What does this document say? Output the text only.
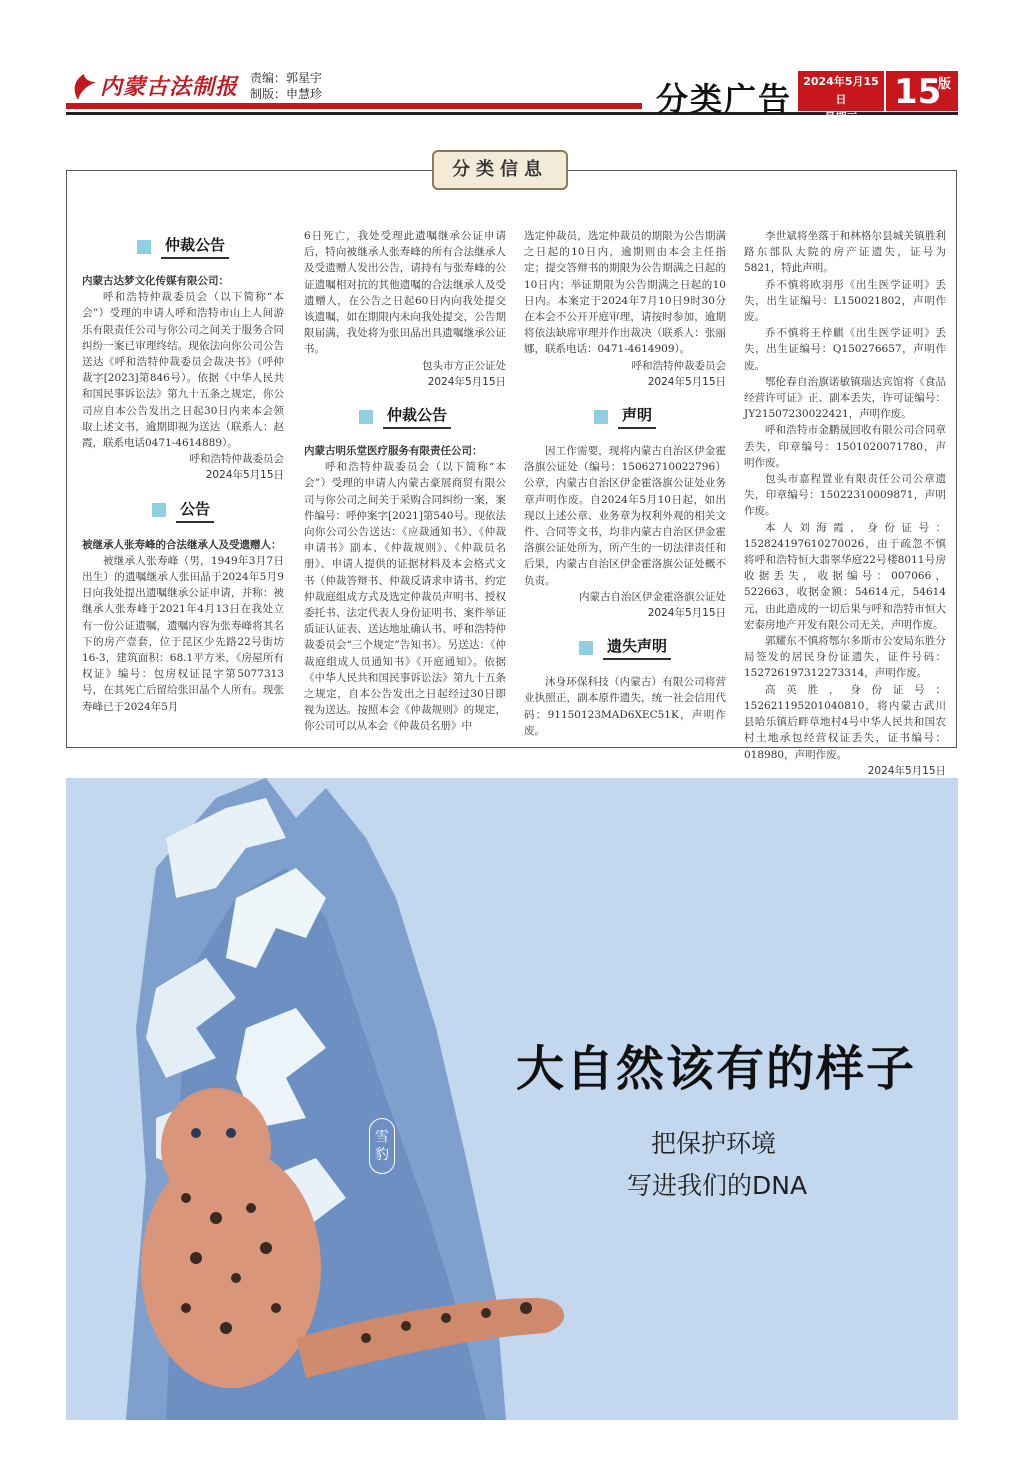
内蒙古法制报 责编：郭星宇
制版：申慧珍	分类广告	2024年5月15日
星期三
15
版
分类信息
仲裁公告

内蒙古达梦文化传媒有限公司：

呼和浩特仲裁委员会（以下简称“本会”）受理的申请人呼和浩特市山上人间游乐有限责任公司与你公司之间关于服务合同纠纷一案已审理终结。现依法向你公司公告送达《呼和浩特仲裁委员会裁决书》（呼仲裁字[2023]第846号）。依据《中华人民共和国民事诉讼法》第九十五条之规定，你公司应自本公告发出之日起30日内来本会领取上述文书，逾期即视为送达（联系人：赵霞，联系电话0471-4614889）。

呼和浩特仲裁委员会

2024年5月15日

公告

被继承人张寿峰的合法继承人及受遗赠人：

被继承人张寿峰（男，1949年3月7日出生）的遗嘱继承人张田晶于2024年5月9日向我处提出遗嘱继承公证申请，并称：被继承人张寿峰于2021年4月13日在我处立有一份公证遗嘱，遗嘱内容为张寿峰将其名下的房产壹套，位于昆区少先路22号街坊16-3，建筑面积：68.1平方米，《房屋所有权证》编号：包房权证昆字第5077313号，在其死亡后留给张田晶个人所有。现张寿峰已于2024年5月

6日死亡，我处受理此遗嘱继承公证申请后，特向被继承人张寿峰的所有合法继承人及受遗赠人发出公告，请持有与张寿峰的公证遗嘱相对抗的其他遗嘱的合法继承人及受遗赠人，在公告之日起60日内向我处提交该遗嘱，如在期限内未向我处提交，公告期限届满，我处将为张田晶出具遗嘱继承公证书。

包头市方正公证处

2024年5月15日

仲裁公告

内蒙古明乐堂医疗服务有限责任公司：

呼和浩特仲裁委员会（以下简称“本会”）受理的申请人内蒙古豪展商贸有限公司与你公司之间关于采购合同纠纷一案，案件编号：呼仲案字[2021]第540号。现依法向你公司公告送达：《应裁通知书》、《仲裁申请书》副本、《仲裁规则》、《仲裁员名册》、申请人提供的证据材料及本会格式文书（仲裁答辩书、仲裁反请求申请书、约定仲裁庭组成方式及选定仲裁员声明书、授权委托书、法定代表人身份证明书、案件举证质证认证表、送达地址确认书、呼和浩特仲裁委员会“三个规定”告知书）。另送达：《仲裁庭组成人员通知书》《开庭通知》。依据《中华人民共和国民事诉讼法》第九十五条之规定，自本公告发出之日起经过30日即视为送达。按照本会《仲裁规则》的规定，你公司可以从本会《仲裁员名册》中

选定仲裁员，选定仲裁员的期限为公告期满之日起的10日内，逾期则由本会主任指定；提交答辩书的期限为公告期满之日起的10日内；举证期限为公告期满之日起的10日内。本案定于2024年7月10日9时30分在本会不公开开庭审理，请按时参加，逾期将依法缺席审理并作出裁决（联系人：张丽娜，联系电话：0471-4614909）。

呼和浩特仲裁委员会

2024年5月15日

声明

因工作需要，现将内蒙古自治区伊金霍洛旗公证处（编号：15062710022796）公章，内蒙古自治区伊金霍洛旗公证处业务章声明作废。自2024年5月10日起，如出现以上述公章、业务章为权利外观的相关文件、合同等文书，均非内蒙古自治区伊金霍洛旗公证处所为，所产生的一切法律责任和后果，内蒙古自治区伊金霍洛旗公证处概不负责。

内蒙古自治区伊金霍洛旗公证处

2024年5月15日

遗失声明

沐身环保科技（内蒙古）有限公司将营业执照正，副本原件遗失，统一社会信用代码：91150123MAD6XEC51K，声明作废。

李世斌将坐落于和林格尔县城关镇胜利路东部队大院的房产证遗失，证号为5821，特此声明。

乔不慎将欧羽彤《出生医学证明》丢失，出生证编号：L150021802，声明作废。

乔不慎将王梓麒《出生医学证明》丢失，出生证编号：Q150276657，声明作废。

鄂伦春自治旗诺敏镇瑞达宾馆将《食品经营许可证》正、副本丢失，许可证编号：JY21507230022421，声明作废。

呼和浩特市金鹏晟回收有限公司合同章丢失，印章编号：1501020071780，声明作废。

包头市嘉程置业有限责任公司公章遗失，印章编号：15022310009871，声明作废。

本人刘海霞，身份证号：152824197610270026，由于疏忽不慎将呼和浩特恒大翡翠华庭22号楼8011号房收据丢失，收据编号：007066，522663，收据金额：54614元，54614元，由此造成的一切后果与呼和浩特市恒大宏泰房地产开发有限公司无关，声明作废。

郭耀东不慎将鄂尔多斯市公安局东胜分局签发的居民身份证遗失，证件号码：152726197312273314，声明作废。

高英胜，身份证号：152621195201040810，将内蒙古武川县哈乐镇后畔草地村4号中华人民共和国农村土地承包经营权证丢失，证书编号：018980，声明作废。

2024年5月15日

雪豹
大自然该有的样子
把保护环境
写进我们的DNA
